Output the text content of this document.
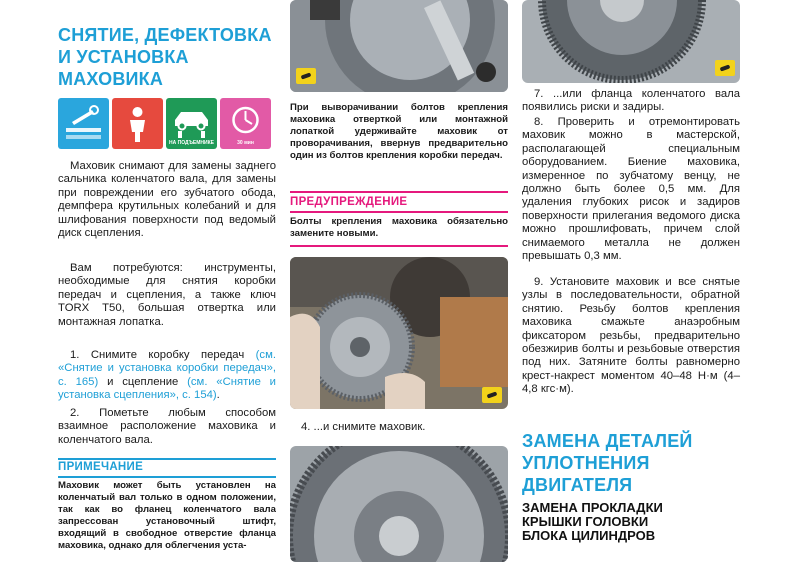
СНЯТИЕ, ДЕФЕКТОВКА
И УСТАНОВКА
МАХОВИКА
НА ПОДЪЕМНИКЕ	30 мин

Маховик снимают для замены заднего сальника коленчатого вала, для замены при повреждении его зубчатого обода, демпфера крутильных колебаний и для шлифования поверхности под ведомый диск сцепления.

Вам потребуются: инструменты, необходимые для снятия коробки передач и сцепления, а также ключ TORX T50, большая отвертка или монтажная лопатка.

1. Снимите коробку передач (см. «Снятие и установка коробки передач», с. 165) и сцепление (см. «Снятие и установка сцепления», с. 154).

2. Пометьте любым способом взаимное расположение маховика и коленчатого вала.

ПРИМЕЧАНИЕ
Маховик может быть установлен на коленчатый вал только в одном положении, так как во фланец коленчатого вала запрессован установочный штифт, входящий в свободное отверстие фланца маховика, однако для облегчения уста-
При выворачивании болтов крепления маховика отверткой или монтажной лопаткой удерживайте маховик от проворачивания, ввернув предварительно один из болтов крепления коробки передач.
ПРЕДУПРЕЖДЕНИЕ
Болты крепления маховика обязательно замените новыми.
4. ...и снимите маховик.

7. ...или фланца коленчатого вала появились риски и задиры.

8. Проверить и отремонтировать маховик можно в мастерской, располагающей специальным оборудованием. Биение маховика, измеренное по зубчатому венцу, не должно быть более 0,5 мм. Для удаления глубоких рисок и задиров поверхности прилегания ведомого диска можно прошлифовать, причем слой снимаемого металла не должен превышать 0,3 мм.

9. Установите маховик и все снятые узлы в последовательности, обратной снятию. Резьбу болтов крепления маховика смажьте анаэробным фиксатором резьбы, предварительно обезжирив болты и резьбовые отверстия под них. Затяните болты равномерно крест-накрест моментом 40–48 Н·м (4–4,8 кгс·м).

ЗАМЕНА ДЕТАЛЕЙ
УПЛОТНЕНИЯ
ДВИГАТЕЛЯ
ЗАМЕНА ПРОКЛАДКИ
КРЫШКИ ГОЛОВКИ
БЛОКА ЦИЛИНДРОВ
